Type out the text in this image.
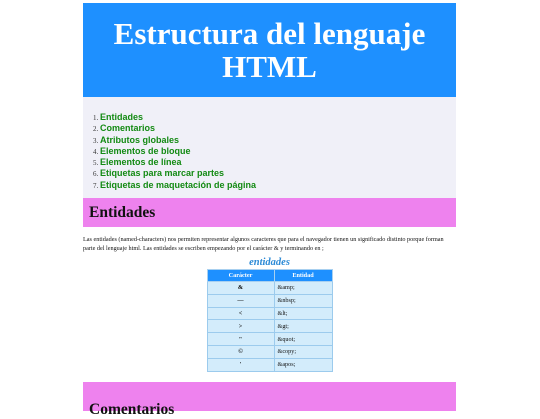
Estructura del lenguaje HTML
1. Entidades
2. Comentarios
3. Atributos globales
4. Elementos de bloque
5. Elementos de línea
6. Etiquetas para marcar partes
7. Etiquetas de maquetación de página
Entidades

Las entidades (named-characters) nos permiten representar algunos caracteres que para el navegador tienen un significado distinto porque forman parte del lenguaje html. Las entidades se escriben empezando por el carácter & y terminando en ;

entidades
Carácter	Entidad
&	&amp;
—	&nbsp;
<	&lt;
>	&gt;
"	&quot;
©	&copy;
'	&apos;
Comentarios
